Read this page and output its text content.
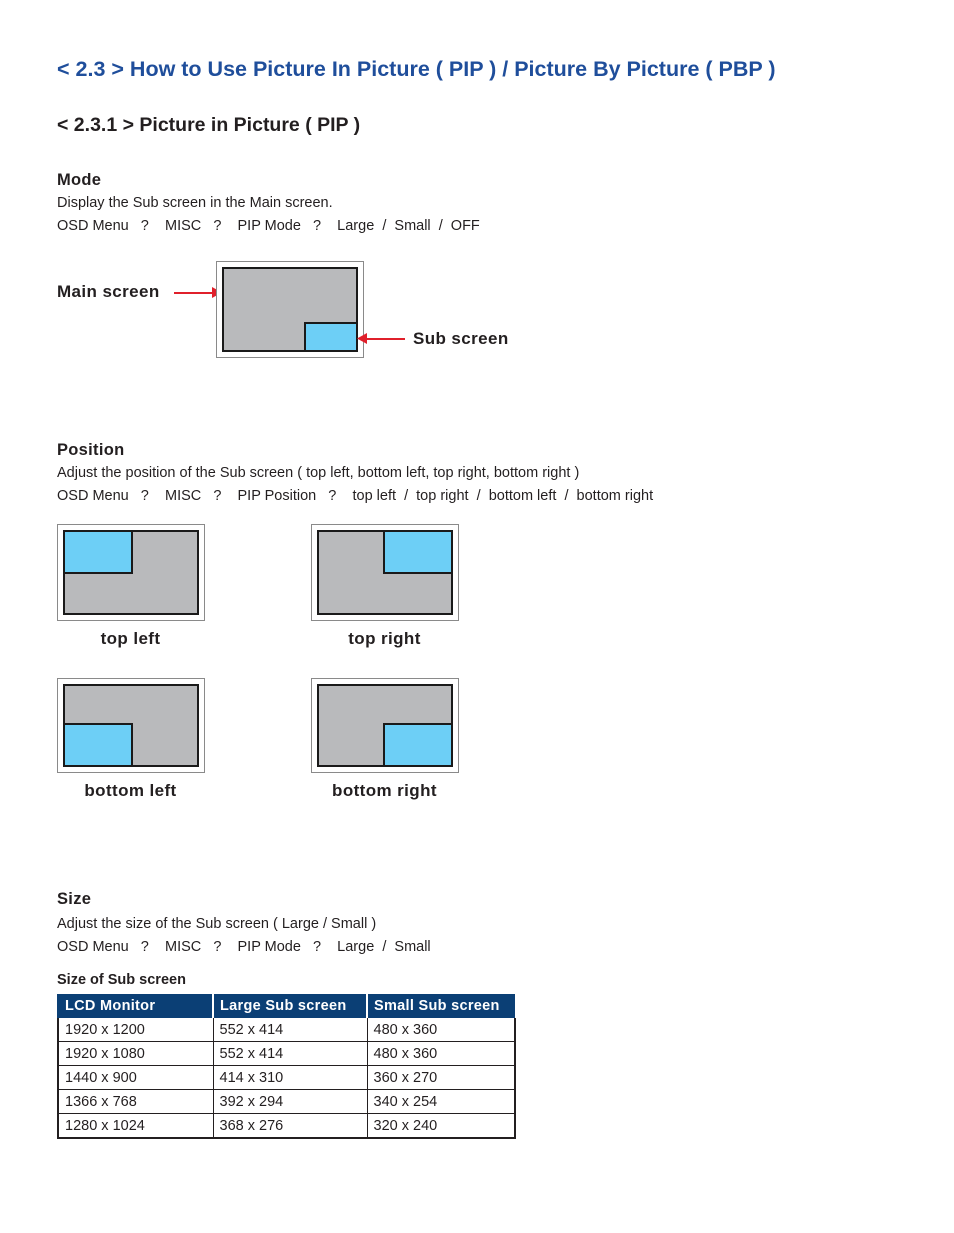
< 2.3 > How to Use Picture In Picture ( PIP ) / Picture By Picture ( PBP )
< 2.3.1 > Picture in Picture ( PIP )
Mode
Display the Sub screen in the Main screen.
OSD Menu   ?    MISC   ?    PIP Mode   ?    Large  /  Small  /  OFF
Main screen
Sub screen
Position
Adjust the position of the Sub screen ( top left, bottom left, top right, bottom right )
OSD Menu   ?    MISC   ?    PIP Position   ?    top left  /  top right  /  bottom left  /  bottom right
top left	top right
bottom left	bottom right
Size
Adjust the size of the Sub screen ( Large / Small )
OSD Menu   ?    MISC   ?    PIP Mode   ?    Large  /  Small
Size of Sub screen
LCD Monitor	Large Sub screen	Small Sub screen
1920 x 1200	552 x 414	480 x 360
1920 x 1080	552 x 414	480 x 360
1440 x 900	414 x 310	360 x 270
1366 x 768	392 x 294	340 x 254
1280 x 1024	368 x 276	320 x 240
